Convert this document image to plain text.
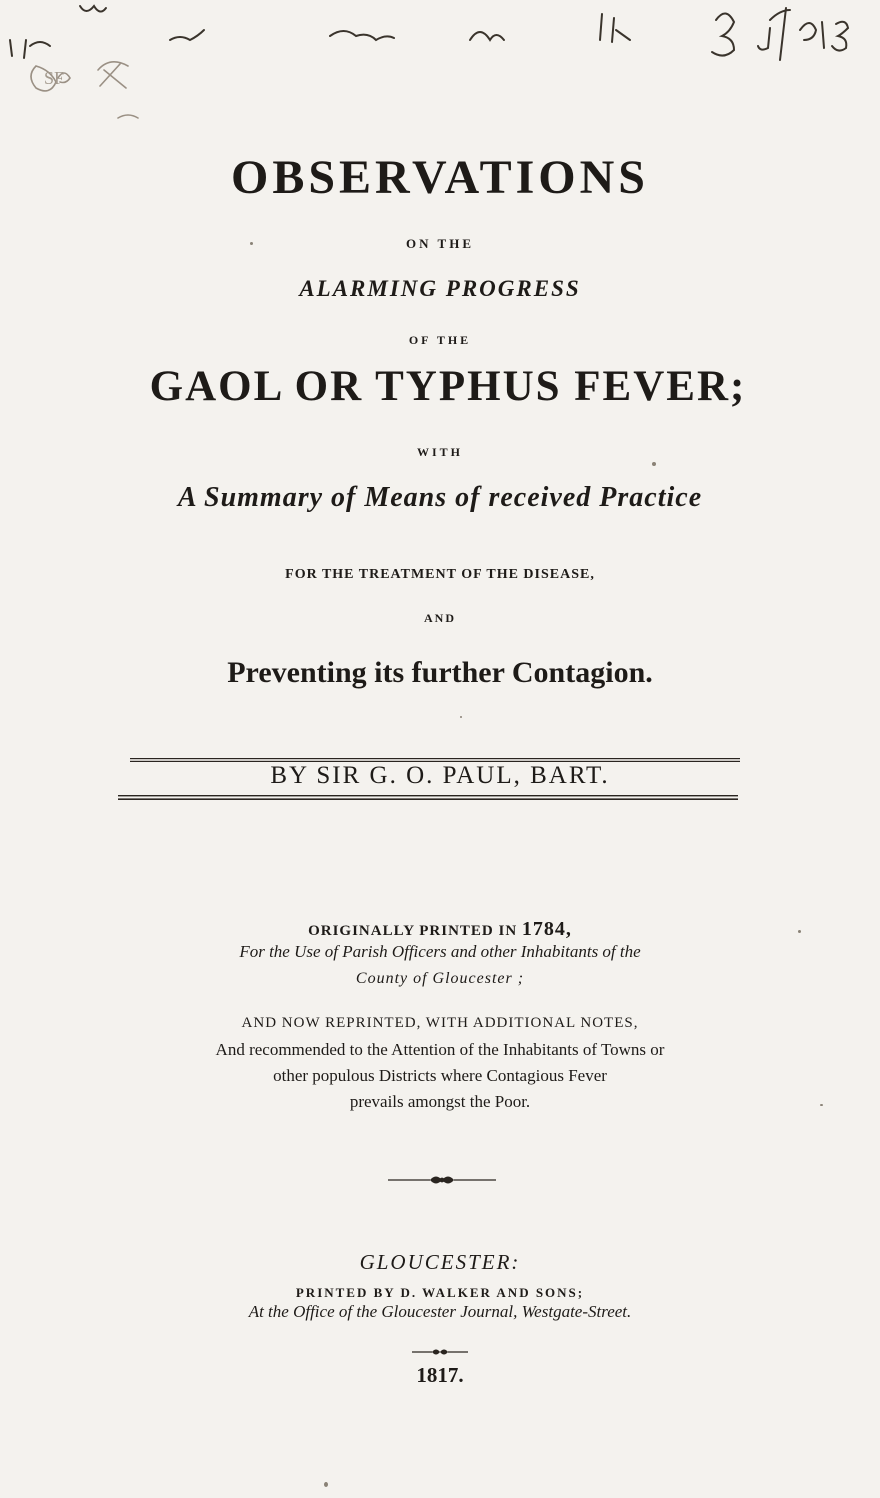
SF
OBSERVATIONS
ON THE
ALARMING PROGRESS
OF THE
GAOL OR TYPHUS FEVER;
WITH
A Summary of Means of received Practice
FOR THE TREATMENT OF THE DISEASE,
AND
Preventing its further Contagion.
BY SIR G. O. PAUL, BART.
ORIGINALLY PRINTED IN 1784,
For the Use of Parish Officers and other Inhabitants of the
County of Gloucester ;
AND NOW REPRINTED, WITH ADDITIONAL NOTES,
And recommended to the Attention of the Inhabitants of Towns or
other populous Districts where Contagious Fever
prevails amongst the Poor.
GLOUCESTER:
PRINTED BY D. WALKER AND SONS;
At the Office of the Gloucester Journal, Westgate-Street.
1817.
